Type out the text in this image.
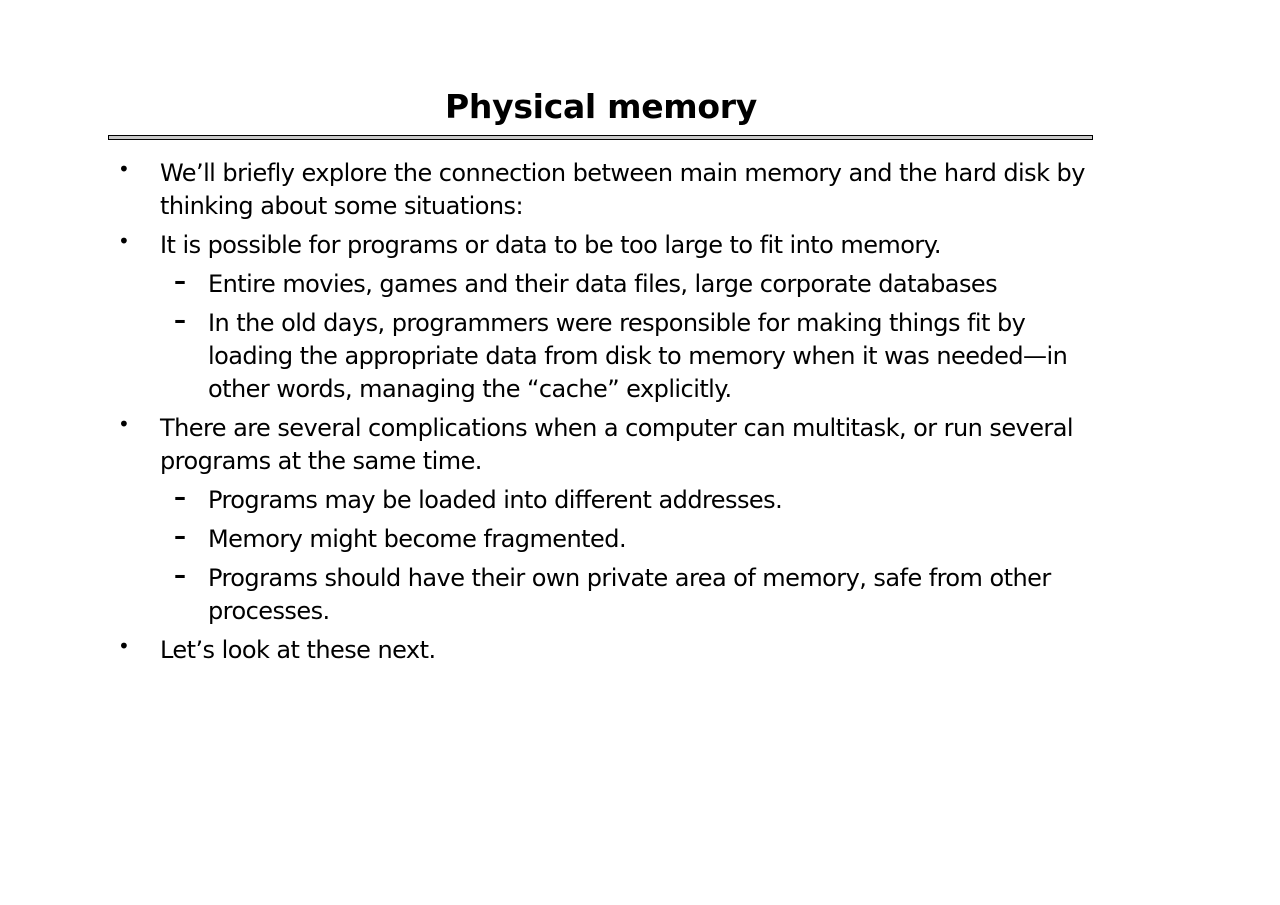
Physical memory
• We’ll briefly explore the connection between main memory and the hard disk by thinking about some situations:
• It is possible for programs or data to be too large to fit into memory.
– Entire movies, games and their data files, large corporate databases
– In the old days, programmers were responsible for making things fit by loading the appropriate data from disk to memory when it was needed—in other words, managing the “cache” explicitly.
• There are several complications when a computer can multitask, or run several programs at the same time.
– Programs may be loaded into different addresses.
– Memory might become fragmented.
– Programs should have their own private area of memory, safe from other processes.
• Let’s look at these next.
